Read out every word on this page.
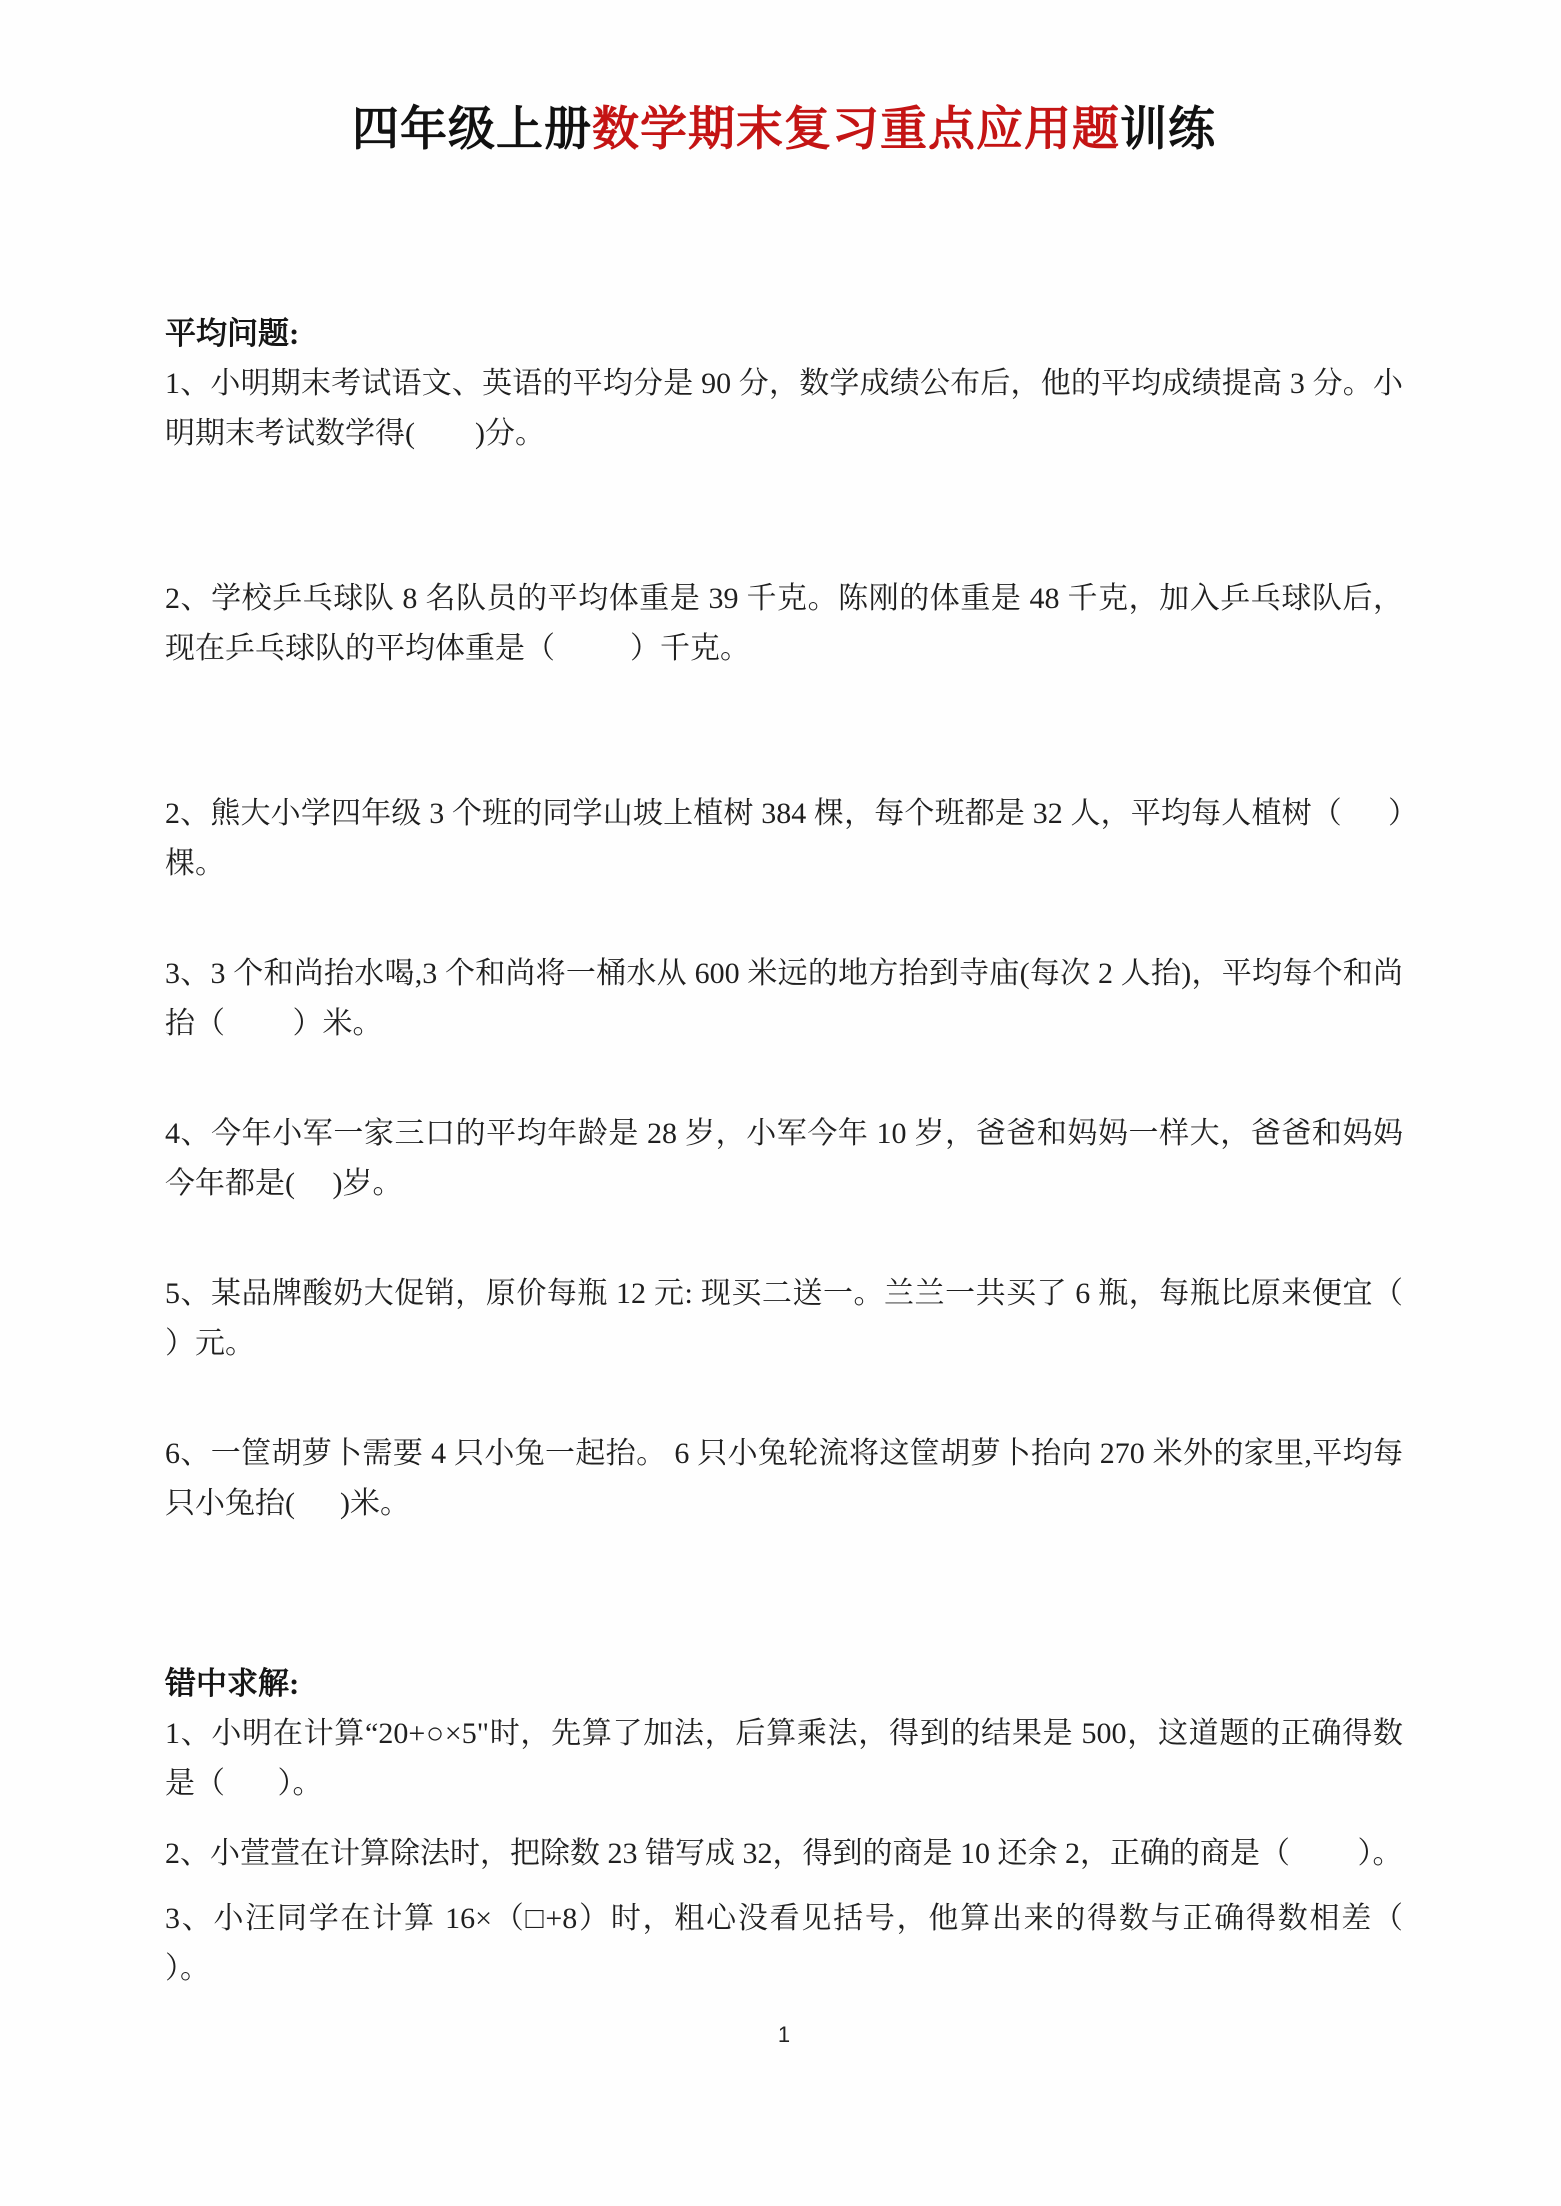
四年级上册数学期末复习重点应用题训练
平均问题:

1、小明期末考试语文、英语的平均分是 90 分，数学成绩公布后，他的平均成绩提高 3 分。小明期末考试数学得(        )分。

2、学校乒乓球队 8 名队员的平均体重是 39 千克。陈刚的体重是 48 千克，加入乒乓球队后，现在乒乓球队的平均体重是（          ）千克。

2、熊大小学四年级 3 个班的同学山坡上植树 384 棵，每个班都是 32 人，平均每人植树（      ）棵。

3、3 个和尚抬水喝,3 个和尚将一桶水从 600 米远的地方抬到寺庙(每次 2 人抬)，平均每个和尚抬（         ）米。

4、今年小军一家三口的平均年龄是 28 岁，小军今年 10 岁，爸爸和妈妈一样大，爸爸和妈妈今年都是(     )岁。

5、某品牌酸奶大促销，原价每瓶 12 元: 现买二送一。兰兰一共买了 6 瓶，每瓶比原来便宜（    ）元。

6、一筐胡萝卜需要 4 只小兔一起抬。 6 只小兔轮流将这筐胡萝卜抬向 270 米外的家里,平均每只小兔抬(      )米。

错中求解:

1、小明在计算“20+○×5"时，先算了加法，后算乘法，得到的结果是 500，这道题的正确得数是（       ）。

2、小萱萱在计算除法时，把除数 23 错写成 32，得到的商是 10 还余 2，正确的商是（         ）。

3、小汪同学在计算 16×（□+8）时，粗心没看见括号，他算出来的得数与正确得数相差（         ）。

1
